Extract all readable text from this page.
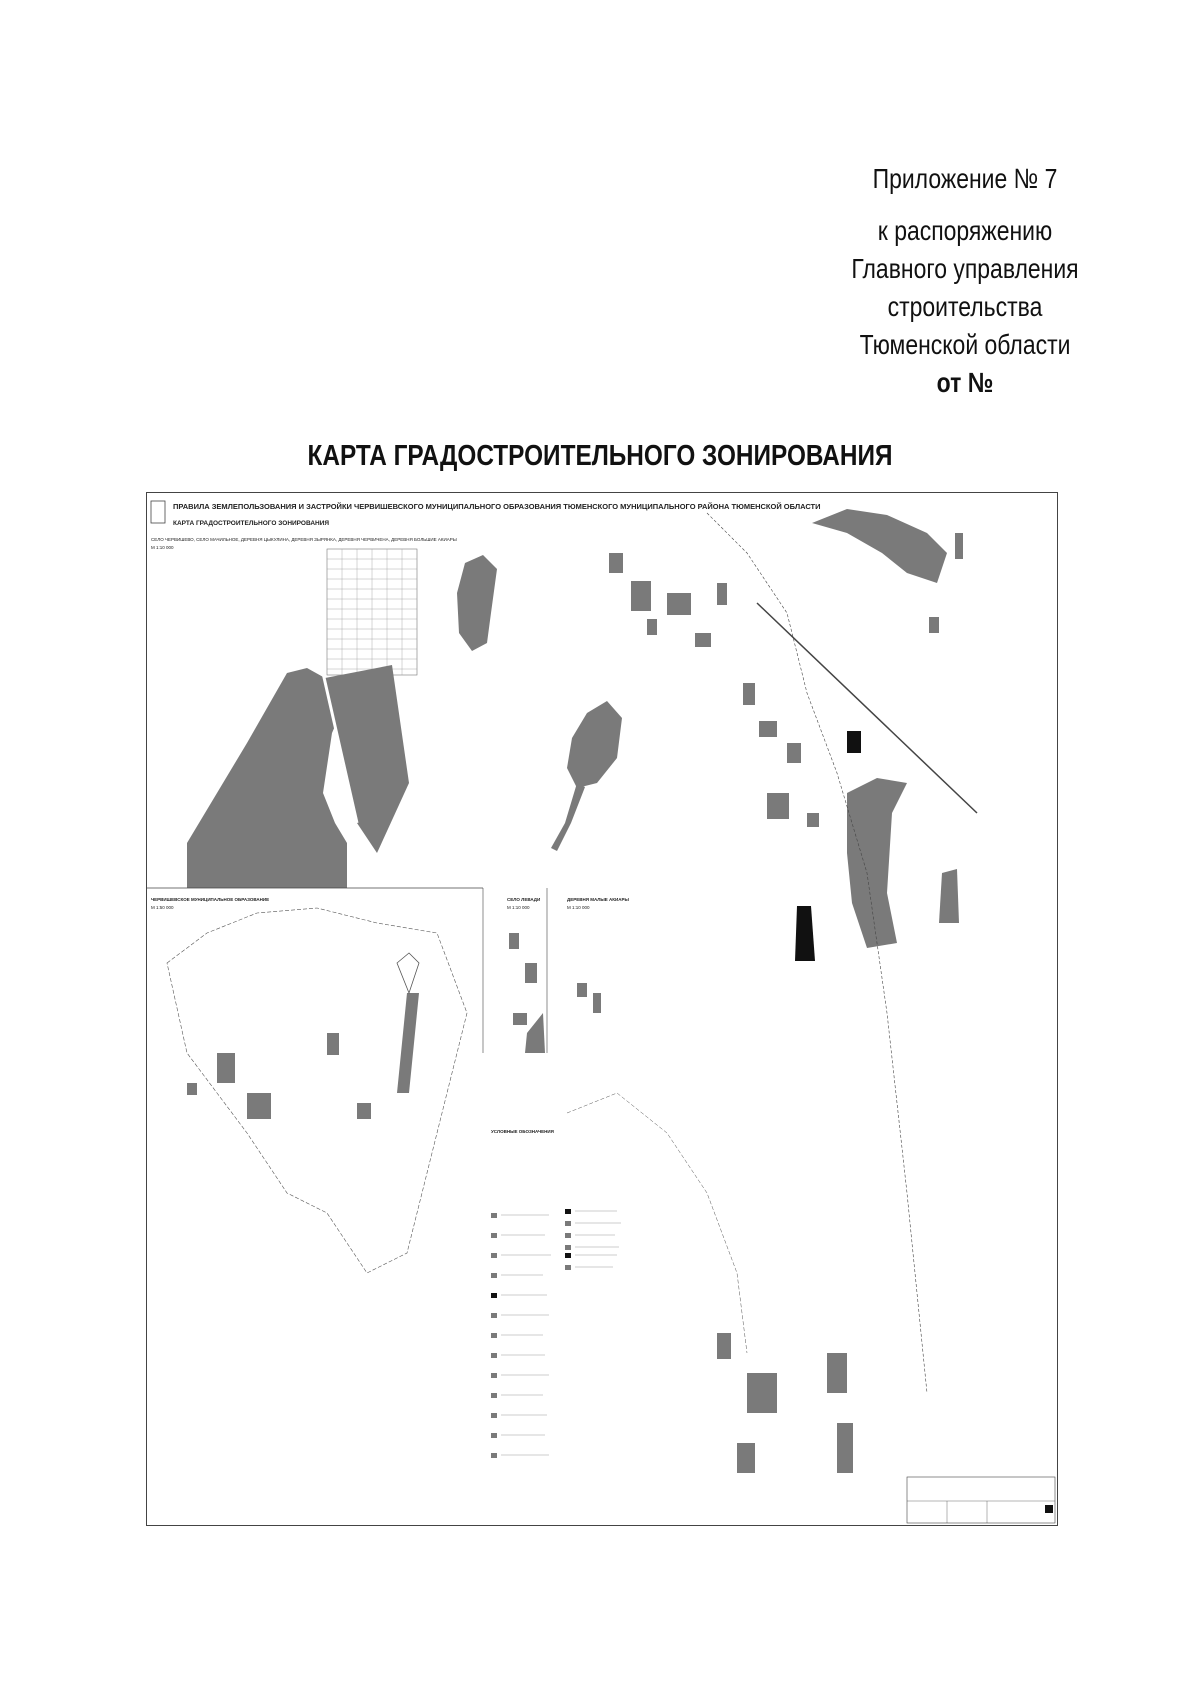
Приложение № 7
к распоряжению
Главного управления строительства
Тюменской области
от №
КАРТА ГРАДОСТРОИТЕЛЬНОГО ЗОНИРОВАНИЯ
ПРАВИЛА ЗЕМЛЕПОЛЬЗОВАНИЯ И ЗАСТРОЙКИ ЧЕРВИШЕВСКОГО МУНИЦИПАЛЬНОГО ОБРАЗОВАНИЯ ТЮМЕНСКОГО МУНИЦИПАЛЬНОГО РАЙОНА ТЮМЕНСКОЙ ОБЛАСТИ
КАРТА ГРАДОСТРОИТЕЛЬНОГО ЗОНИРОВАНИЯ
СЕЛО ЧЕРВИШЕВО, СЕЛО МАЧИЛЬНОЕ, ДЕРЕВНЯ ЦЫКУЛИНА, ДЕРЕВНЯ ЗЫРЯНКА, ДЕРЕВНЯ ЧЕРВИЧЕНА, ДЕРЕВНЯ БОЛЬШИЕ АКИАРЫ
М 1:10 000
ЧЕРВИШЕВСКОЕ МУНИЦИПАЛЬНОЕ ОБРАЗОВАНИЕ
М 1:50 000
СЕЛО ЛЕВАДИ
М 1:10 000
ДЕРЕВНЯ МАЛЫЕ АКИАРЫ
М 1:10 000
УСЛОВНЫЕ ОБОЗНАЧЕНИЯ
